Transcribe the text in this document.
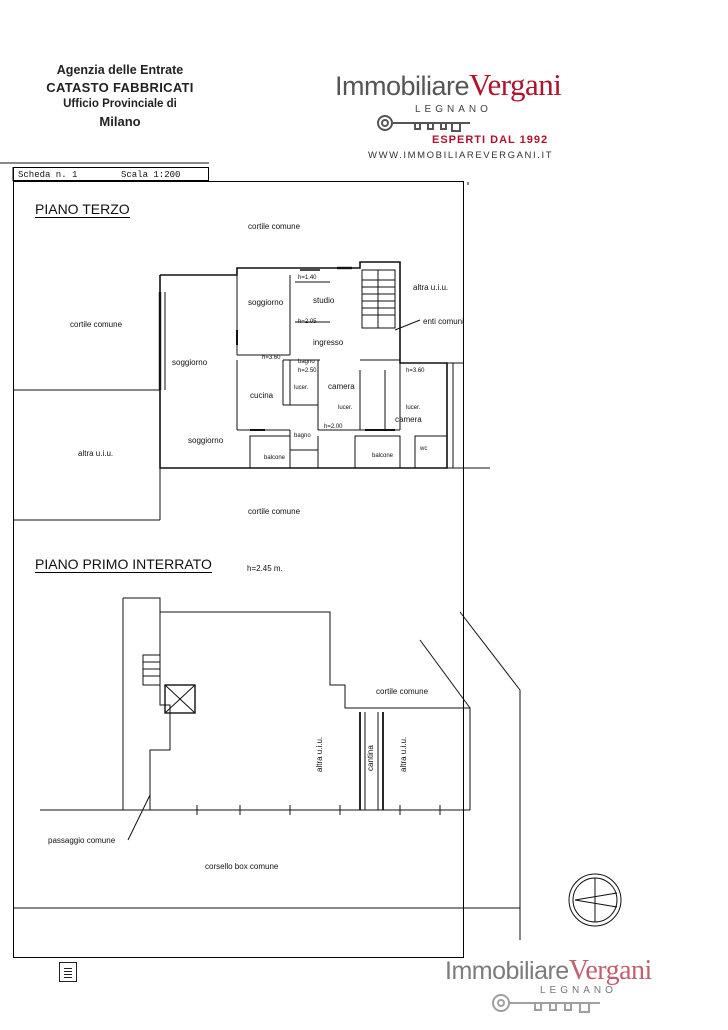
Agenzia delle Entrate
CATASTO FABBRICATI
Ufficio Provinciale di
Milano
ImmobiliareVergani
LEGNANO
ESPERTI DAL 1992
WWW.IMMOBILIAREVERGANI.IT
Scheda n. 1	Scala 1:200
PIANO TERZO
cortile comune
cortile comune
altra u.i.u.
enti comuni
altra u.i.u.
cortile comune
soggiorno
soggiorno
soggiorno
studio
ingresso
cucina
camera
camera
bagno
bagno
balcone	balcone
wc
h=1.40
h=2.05
h=3.60
h=2.50	h=3.60
h=2.00
lucer.
lucer.	lucer.
PIANO PRIMO INTERRATO	h=2.45 m.
cortile comune
altra u.i.u.	cantina	altra u.i.u.
passaggio comune
corsello box comune
ImmobiliareVergani
LEGNANO
